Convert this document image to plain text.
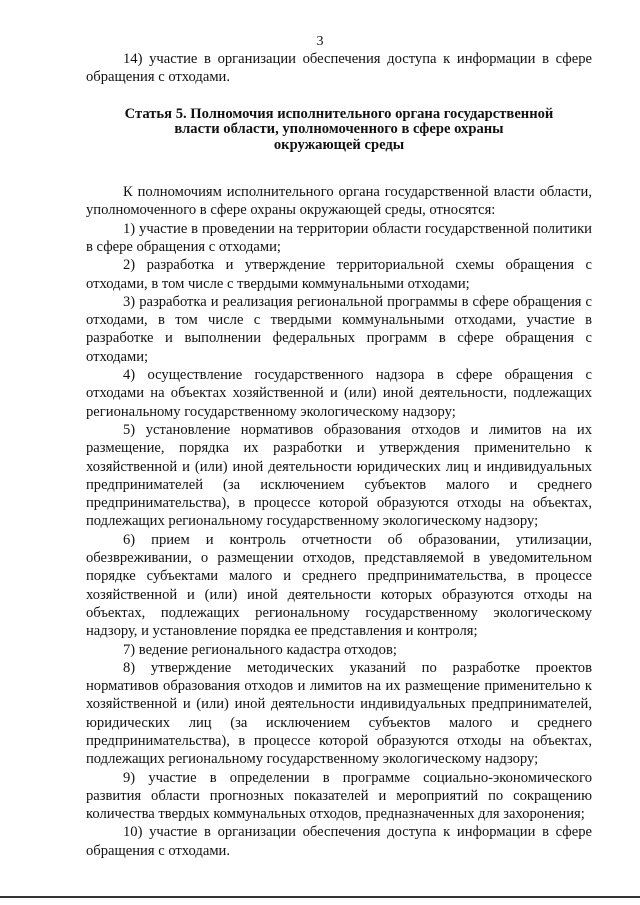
3

14) участие в организации обеспечения доступа к информации в сфере обращения с отходами.

Статья 5. Полномочия исполнительного органа государственной
власти области, уполномоченного в сфере охраны
окружающей среды

К полномочиям исполнительного органа государственной власти области, уполномоченного в сфере охраны окружающей среды, относятся:

1) участие в проведении на территории области государственной политики в сфере обращения с отходами;

2) разработка и утверждение территориальной схемы обращения с отходами, в том числе с твердыми коммунальными отходами;

3) разработка и реализация региональной программы в сфере обращения с отходами, в том числе с твердыми коммунальными отходами, участие в разработке и выполнении федеральных программ в сфере обращения с отходами;

4) осуществление государственного надзора в сфере обращения с отходами на объектах хозяйственной и (или) иной деятельности, подлежащих региональному государственному экологическому надзору;

5) установление нормативов образования отходов и лимитов на их размещение, порядка их разработки и утверждения применительно к хозяйственной и (или) иной деятельности юридических лиц и индивидуальных предпринимателей (за исключением субъектов малого и среднего предпринимательства), в процессе которой образуются отходы на объектах, подлежащих региональному государственному экологическому надзору;

6) прием и контроль отчетности об образовании, утилизации, обезвреживании, о размещении отходов, представляемой в уведомительном порядке субъектами малого и среднего предпринимательства, в процессе хозяйственной и (или) иной деятельности которых образуются отходы на объектах, подлежащих региональному государственному экологическому надзору, и установление порядка ее представления и контроля;

7) ведение регионального кадастра отходов;

8) утверждение методических указаний по разработке проектов нормативов образования отходов и лимитов на их размещение применительно к хозяйственной и (или) иной деятельности индивидуальных предпринимателей, юридических лиц (за исключением субъектов малого и среднего предпринимательства), в процессе которой образуются отходы на объектах, подлежащих региональному государственному экологическому надзору;

9) участие в определении в программе социально-экономического развития области прогнозных показателей и мероприятий по сокращению количества твердых коммунальных отходов, предназначенных для захоронения;

10) участие в организации обеспечения доступа к информации в сфере обращения с отходами.
